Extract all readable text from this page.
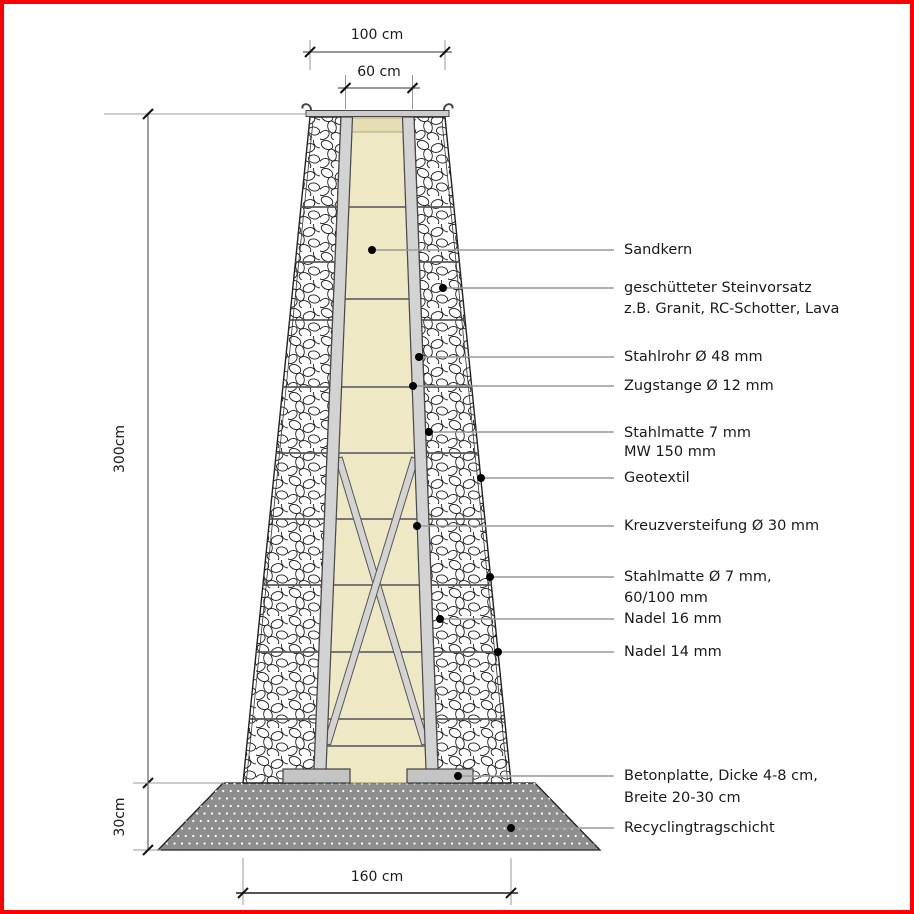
100 cm
60 cm
300cm
30cm
160 cm
Sandkern
geschütteter Steinvorsatz
z.B. Granit, RC-Schotter, Lava
Stahlrohr Ø 48 mm
Zugstange Ø 12 mm
Stahlmatte 7 mm
MW 150 mm
Geotextil
Kreuzversteifung Ø 30 mm
Stahlmatte Ø 7 mm,
60/100 mm
Nadel 16 mm
Nadel 14 mm
Betonplatte, Dicke 4-8 cm,
Breite 20-30 cm
Recyclingtragschicht
